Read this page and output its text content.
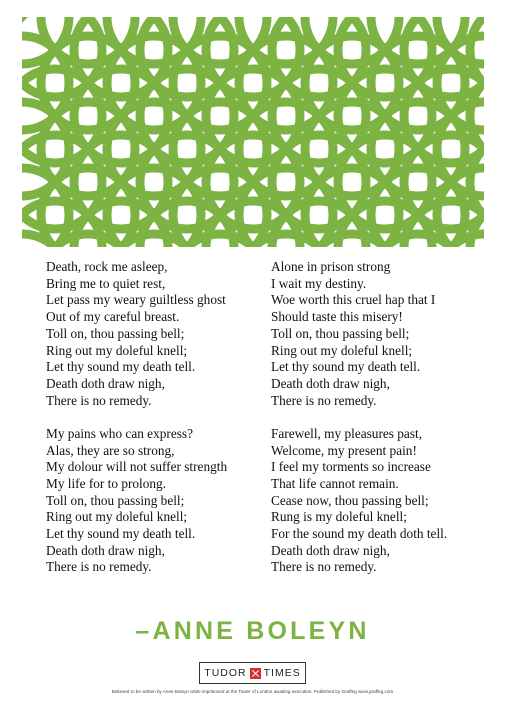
Death, rock me asleep,
Bring me to quiet rest,
Let pass my weary guiltless ghost
Out of my careful breast.
Toll on, thou passing bell;
Ring out my doleful knell;
Let thy sound my death tell.
Death doth draw nigh,
There is no remedy.
My pains who can express?
Alas, they are so strong,
My dolour will not suffer strength
My life for to prolong.
Toll on, thou passing bell;
Ring out my doleful knell;
Let thy sound my death tell.
Death doth draw nigh,
There is no remedy.
Alone in prison strong
I wait my destiny.
Woe worth this cruel hap that I
Should taste this misery!
Toll on, thou passing bell;
Ring out my doleful knell;
Let thy sound my death tell.
Death doth draw nigh,
There is no remedy.
Farewell, my pleasures past,
Welcome, my present pain!
I feel my torments so increase
That life cannot remain.
Cease now, thou passing bell;
Rung is my doleful knell;
For the sound my death doth tell.
Death doth draw nigh,
There is no remedy.
–ANNE BOLEYN
TUDOR TIMES
Believed to be written by Anne Boleyn while imprisoned at the Tower of London awaiting execution. Published by Graffeg www.graffeg.com
